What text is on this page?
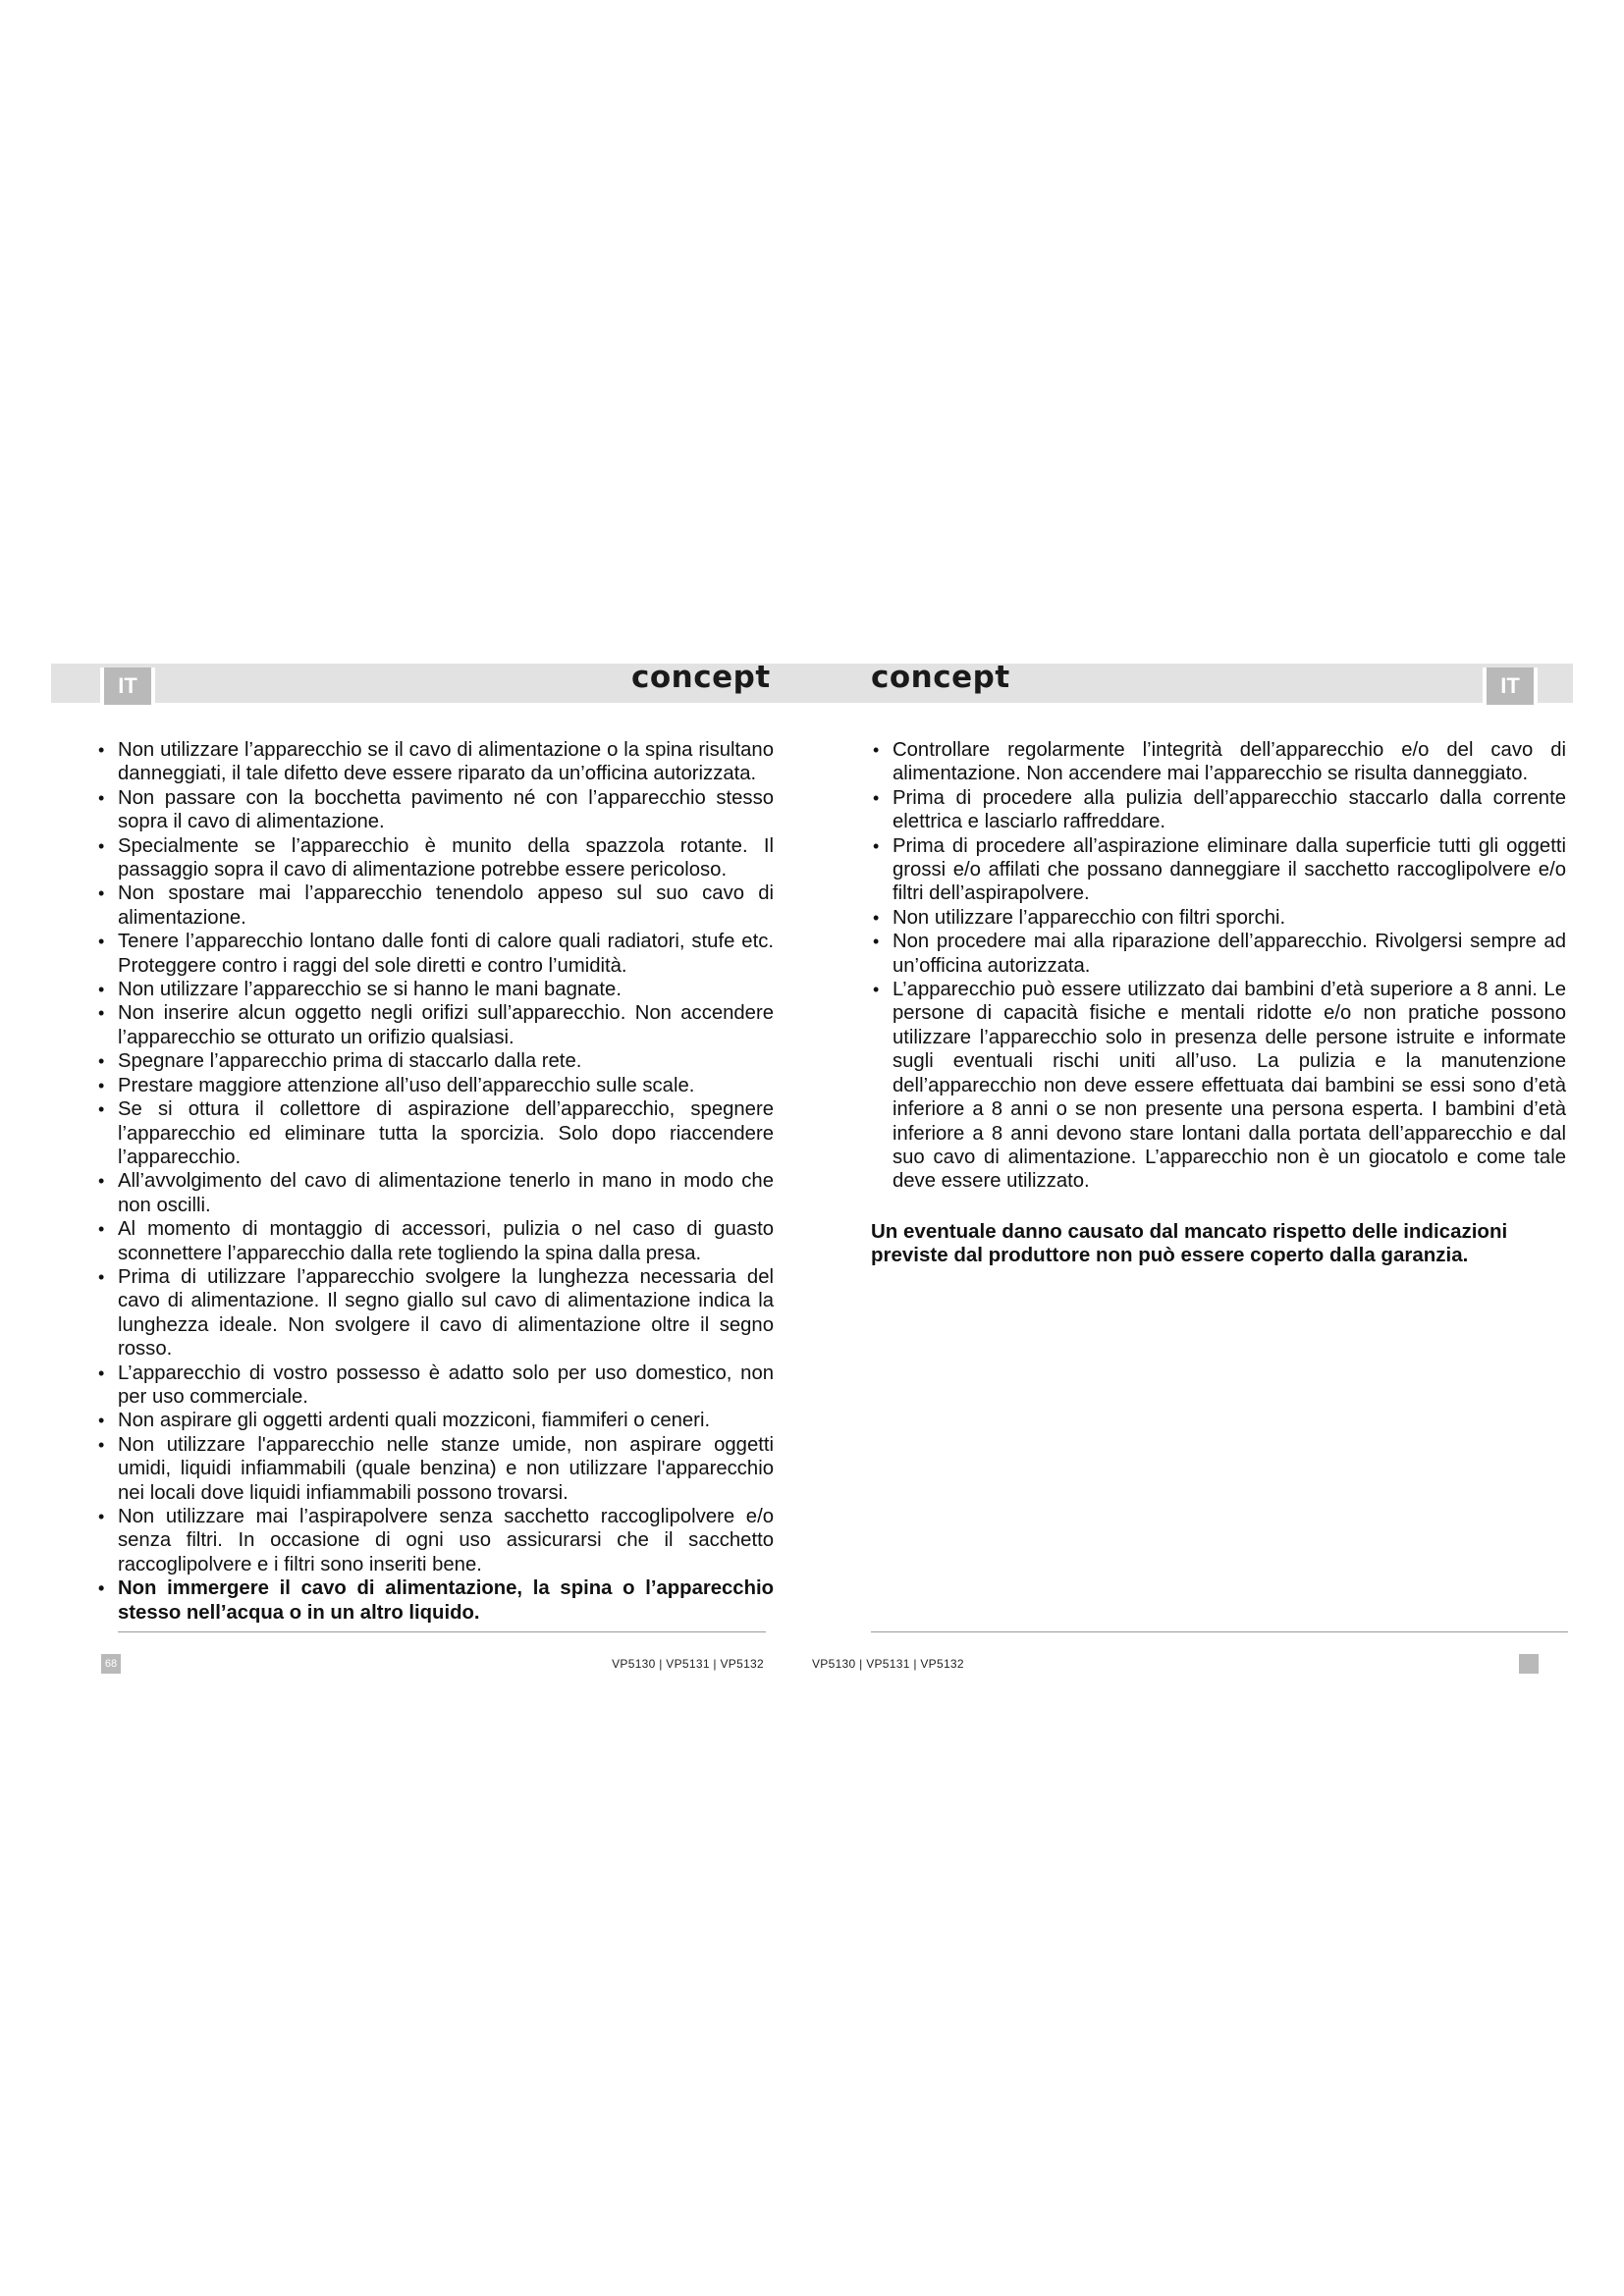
IT	concept
• Non utilizzare l’apparecchio se il cavo di alimentazione o la spina risultano danneggiati, il tale difetto deve essere riparato da un’officina autorizzata.
• Non passare con la bocchetta pavimento né con l’apparecchio stesso sopra il cavo di alimentazione.
• Specialmente se l’apparecchio è munito della spazzola rotante. Il passaggio sopra il cavo di alimentazione potrebbe essere pericoloso.
• Non spostare mai l’apparecchio tenendolo appeso sul suo cavo di alimentazione.
• Tenere l’apparecchio lontano dalle fonti di calore quali radiatori, stufe etc. Proteggere contro i raggi del sole diretti e contro l’umidità.
• Non utilizzare l’apparecchio se si hanno le mani bagnate.
• Non inserire alcun oggetto negli orifizi sull’apparecchio. Non accendere l’apparecchio se otturato un orifizio qualsiasi.
• Spegnare l’apparecchio prima di staccarlo dalla rete.
• Prestare maggiore attenzione all’uso dell’apparecchio sulle scale.
• Se si ottura il collettore di aspirazione dell’apparecchio, spegnere l’apparecchio ed eliminare tutta la sporcizia. Solo dopo riaccendere l’apparecchio.
• All’avvolgimento del cavo di alimentazione tenerlo in mano in modo che non oscilli.
• Al momento di montaggio di accessori, pulizia o nel caso di guasto sconnettere l’apparecchio dalla rete togliendo la spina dalla presa.
• Prima di utilizzare l’apparecchio svolgere la lunghezza necessaria del cavo di alimentazione. Il segno giallo sul cavo di alimentazione indica la lunghezza ideale. Non svolgere il cavo di alimentazione oltre il segno rosso.
• L’apparecchio di vostro possesso è adatto solo per uso domestico, non per uso commerciale.
• Non aspirare gli oggetti ardenti quali mozziconi, fiammiferi o ceneri.
• Non utilizzare l'apparecchio nelle stanze umide, non aspirare oggetti umidi, liquidi infiammabili (quale benzina) e non utilizzare l'apparecchio nei locali dove liquidi infiammabili possono trovarsi.
• Non utilizzare mai l’aspirapolvere senza sacchetto raccoglipolvere e/o senza filtri. In occasione di ogni uso assicurarsi che il sacchetto raccoglipolvere e i filtri sono inseriti bene.
• Non immergere il cavo di alimentazione, la spina o l’apparecchio stesso nell’acqua o in un altro liquido.
68	VP5130 | VP5131 | VP5132
IT
concept
• Controllare regolarmente l’integrità dell’apparecchio e/o del cavo di alimentazione. Non accendere mai l’apparecchio se risulta danneggiato.
• Prima di procedere alla pulizia dell’apparecchio staccarlo dalla corrente elettrica e lasciarlo raffreddare.
• Prima di procedere all’aspirazione eliminare dalla superficie tutti gli oggetti grossi e/o affilati che possano danneggiare il sacchetto raccoglipolvere e/o filtri dell’aspirapolvere.
• Non utilizzare l’apparecchio con filtri sporchi.
• Non procedere mai alla riparazione dell’apparecchio. Rivolgersi sempre ad un’officina autorizzata.
• L’apparecchio può essere utilizzato dai bambini d’età superiore a 8 anni. Le persone di capacità fisiche e mentali ridotte e/o non pratiche possono utilizzare l’apparecchio solo in presenza delle persone istruite e informate sugli eventuali rischi uniti all’uso. La pulizia e la manutenzione dell’apparecchio non deve essere effettuata dai bambini se essi sono d’età inferiore a 8 anni o se non presente una persona esperta. I bambini d’età inferiore a 8 anni devono stare lontani dalla portata dell’apparecchio e dal suo cavo di alimentazione. L’apparecchio non è un giocatolo e come tale deve essere utilizzato.

Un eventuale danno causato dal mancato rispetto delle indicazioni previste dal produttore non può essere coperto dalla garanzia.

VP5130 | VP5131 | VP5132
